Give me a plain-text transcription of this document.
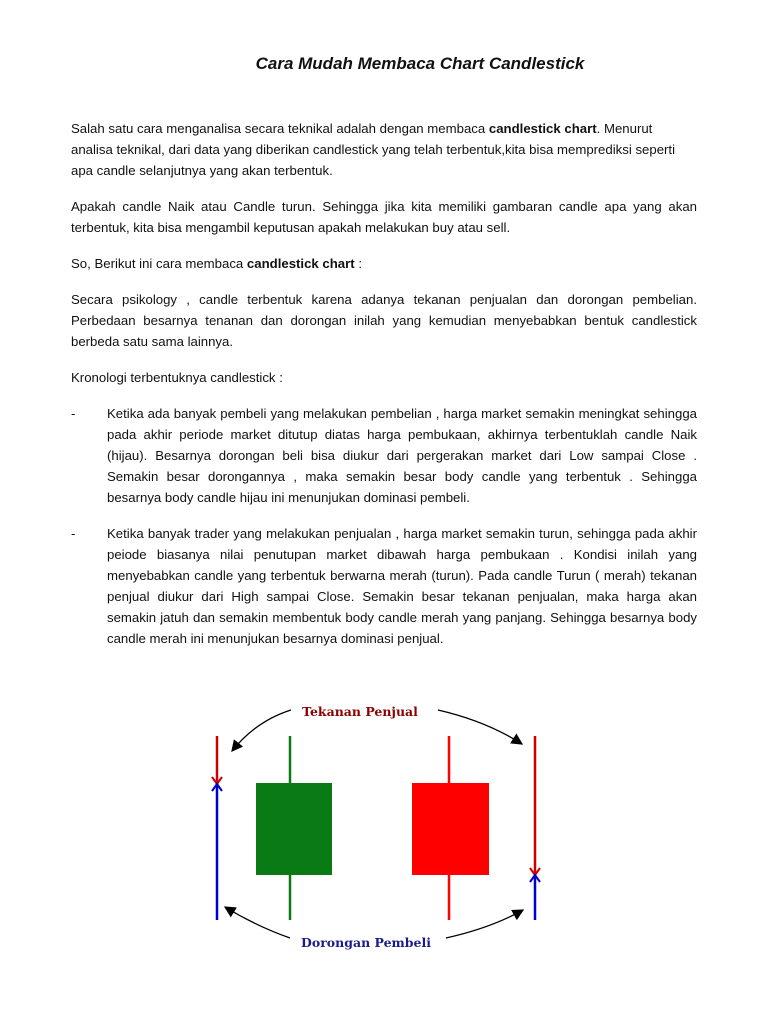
Cara Mudah Membaca Chart Candlestick

Salah satu cara menganalisa secara teknikal adalah dengan membaca candlestick chart. Menurut analisa teknikal, dari data yang diberikan candlestick yang telah terbentuk,kita bisa memprediksi seperti apa candle selanjutnya yang akan terbentuk.

Apakah candle Naik atau Candle turun. Sehingga jika kita memiliki gambaran candle apa yang akan terbentuk, kita bisa mengambil keputusan apakah melakukan buy atau sell.

So, Berikut ini cara membaca candlestick chart :

Secara psikology , candle terbentuk karena adanya tekanan penjualan dan dorongan pembelian. Perbedaan besarnya tenanan dan dorongan inilah yang kemudian menyebabkan bentuk candlestick berbeda satu sama lainnya.

Kronologi terbentuknya candlestick :

-	Ketika ada banyak pembeli yang melakukan pembelian , harga market semakin meningkat sehingga pada akhir periode market ditutup diatas harga pembukaan, akhirnya terbentuklah candle Naik (hijau). Besarnya dorongan beli bisa diukur dari pergerakan market dari Low sampai Close . Semakin besar dorongannya , maka semakin besar body candle yang terbentuk . Sehingga besarnya body candle hijau ini menunjukan dominasi pembeli.
-	Ketika banyak trader yang melakukan penjualan , harga market semakin turun, sehingga pada akhir peiode biasanya nilai penutupan market dibawah harga pembukaan . Kondisi inilah yang menyebabkan candle yang terbentuk berwarna merah (turun). Pada candle Turun ( merah) tekanan penjual diukur dari High sampai Close. Semakin besar tekanan penjualan, maka harga akan semakin jatuh dan semakin membentuk body candle merah yang panjang. Sehingga besarnya body candle merah ini menunjukan besarnya dominasi penjual.
Tekanan Penjual
Dorongan Pembeli
